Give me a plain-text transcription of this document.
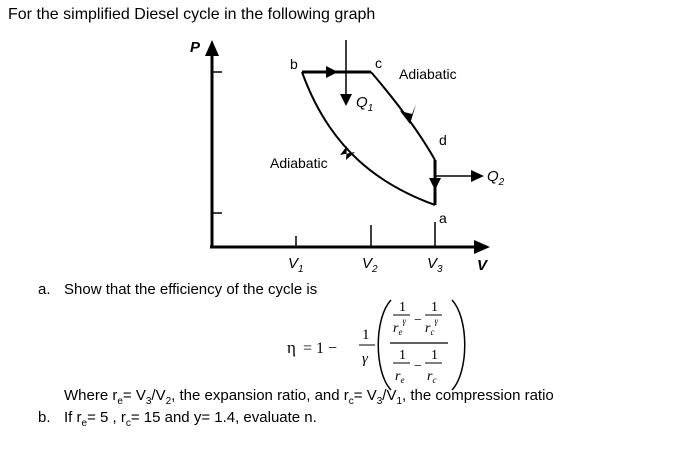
For the simplified Diesel cycle in the following graph
P
V
b	c
d
a
Adiabatic
Adiabatic
$Q_1$
$Q_2$
$V_1$	$V_2$	$V_3$
a. Show that the efficiency of the cycle is
η = 1 −
1
γ
1
$r_e^\gamma$ −
1
$r_c^\gamma$
1
$r_e$
−
1
$r_c$
Where $r_e= V_3/V_2$, the expansion ratio, and $r_c= V_3/V_1$, the compression ratio
b. If $r_e= 5$ , $r_c= 15$ and y= 1.4, evaluate n.
